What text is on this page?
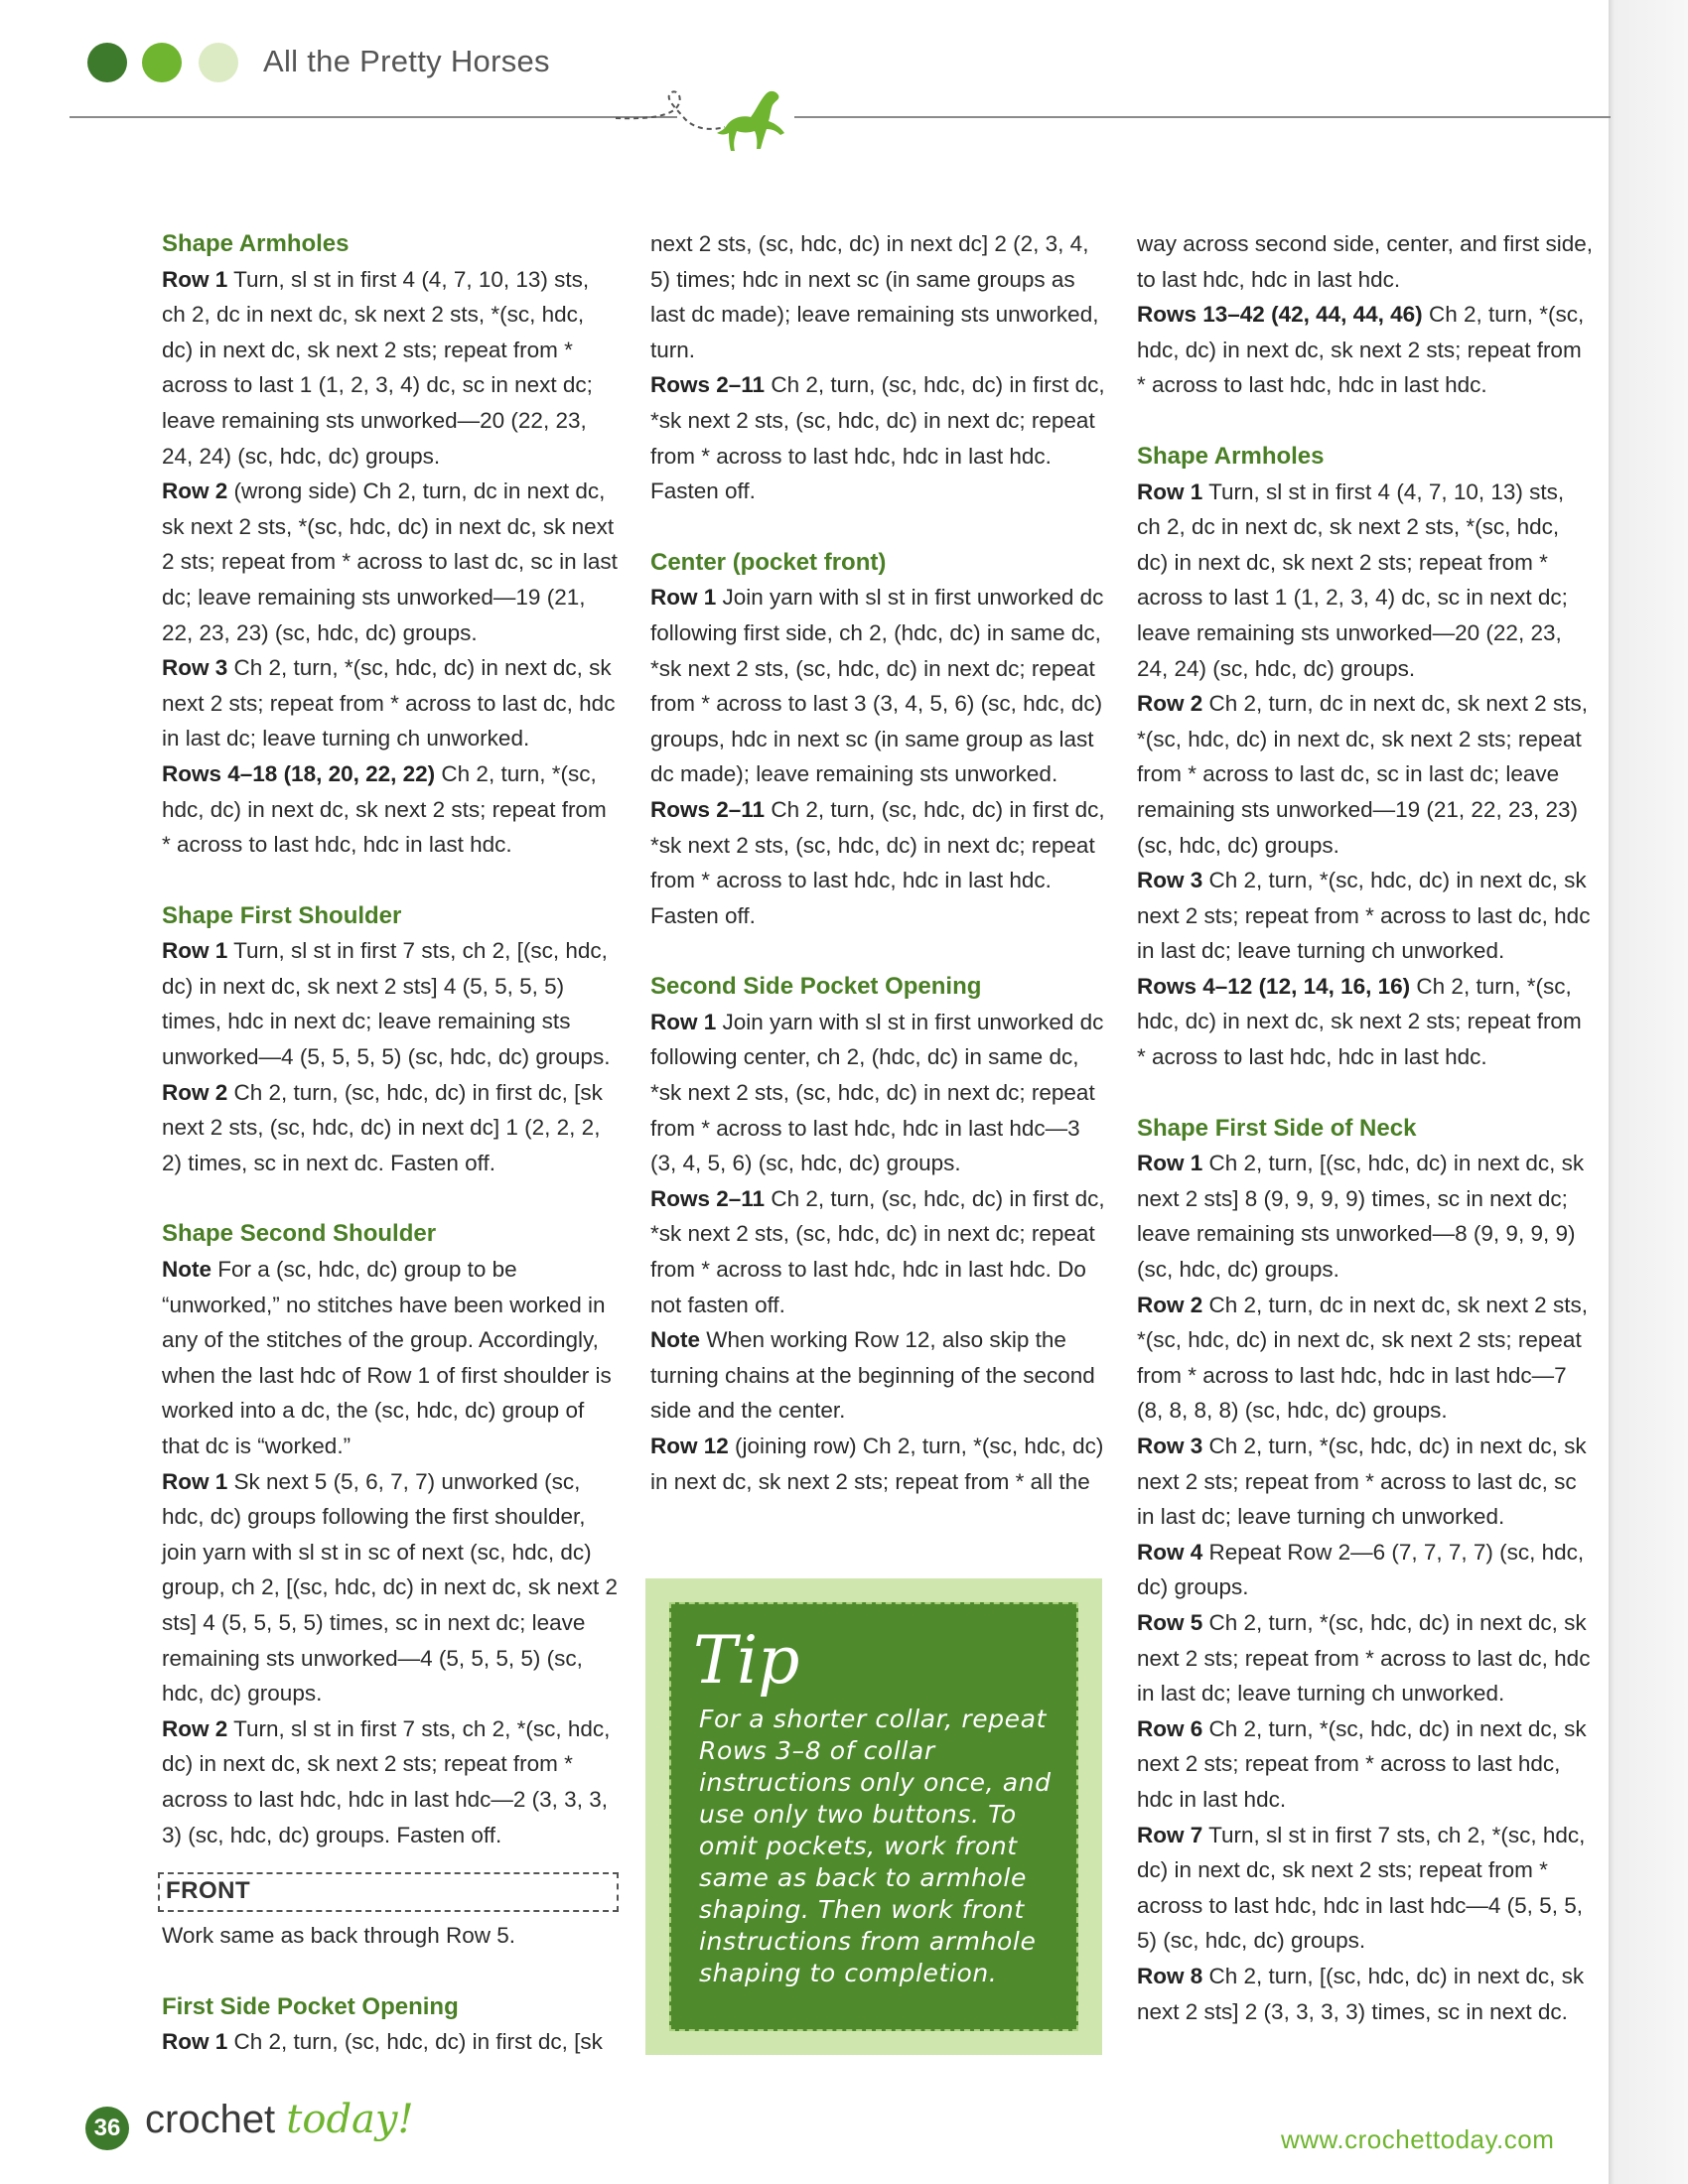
All the Pretty Horses
Shape Armholes

Row 1 Turn, sl st in first 4 (4, 7, 10, 13) sts, ch 2, dc in next dc, sk next 2 sts, *(sc, hdc, dc) in next dc, sk next 2 sts; repeat from * across to last 1 (1, 2, 3, 4) dc, sc in next dc; leave remaining sts unworked—20 (22, 23, 24, 24) (sc, hdc, dc) groups.

Row 2 (wrong side) Ch 2, turn, dc in next dc, sk next 2 sts, *(sc, hdc, dc) in next dc, sk next 2 sts; repeat from * across to last dc, sc in last dc; leave remaining sts unworked—19 (21, 22, 23, 23) (sc, hdc, dc) groups.

Row 3 Ch 2, turn, *(sc, hdc, dc) in next dc, sk next 2 sts; repeat from * across to last dc, hdc in last dc; leave turning ch unworked.

Rows 4–18 (18, 20, 22, 22) Ch 2, turn, *(sc, hdc, dc) in next dc, sk next 2 sts; repeat from * across to last hdc, hdc in last hdc.

Shape First Shoulder

Row 1 Turn, sl st in first 7 sts, ch 2, [(sc, hdc, dc) in next dc, sk next 2 sts] 4 (5, 5, 5, 5) times, hdc in next dc; leave remaining sts unworked—4 (5, 5, 5, 5) (sc, hdc, dc) groups.

Row 2 Ch 2, turn, (sc, hdc, dc) in first dc, [sk next 2 sts, (sc, hdc, dc) in next dc] 1 (2, 2, 2, 2) times, sc in next dc. Fasten off.

Shape Second Shoulder

Note For a (sc, hdc, dc) group to be “unworked,” no stitches have been worked in any of the stitches of the group. Accordingly, when the last hdc of Row 1 of first shoulder is worked into a dc, the (sc, hdc, dc) group of that dc is “worked.”

Row 1 Sk next 5 (5, 6, 7, 7) unworked (sc, hdc, dc) groups following the first shoulder, join yarn with sl st in sc of next (sc, hdc, dc) group, ch 2, [(sc, hdc, dc) in next dc, sk next 2 sts] 4 (5, 5, 5, 5) times, sc in next dc; leave remaining sts unworked—4 (5, 5, 5, 5) (sc, hdc, dc) groups.

Row 2 Turn, sl st in first 7 sts, ch 2, *(sc, hdc, dc) in next dc, sk next 2 sts; repeat from * across to last hdc, hdc in last hdc—2 (3, 3, 3, 3) (sc, hdc, dc) groups. Fasten off.

FRONT

Work same as back through Row 5.

First Side Pocket Opening

Row 1 Ch 2, turn, (sc, hdc, dc) in first dc, [sk

next 2 sts, (sc, hdc, dc) in next dc] 2 (2, 3, 4, 5) times; hdc in next sc (in same groups as last dc made); leave remaining sts unworked, turn.

Rows 2–11 Ch 2, turn, (sc, hdc, dc) in first dc, *sk next 2 sts, (sc, hdc, dc) in next dc; repeat from * across to last hdc, hdc in last hdc. Fasten off.

Center (pocket front)

Row 1 Join yarn with sl st in first unworked dc following first side, ch 2, (hdc, dc) in same dc, *sk next 2 sts, (sc, hdc, dc) in next dc; repeat from * across to last 3 (3, 4, 5, 6) (sc, hdc, dc) groups, hdc in next sc (in same group as last dc made); leave remaining sts unworked.

Rows 2–11 Ch 2, turn, (sc, hdc, dc) in first dc, *sk next 2 sts, (sc, hdc, dc) in next dc; repeat from * across to last hdc, hdc in last hdc. Fasten off.

Second Side Pocket Opening

Row 1 Join yarn with sl st in first unworked dc following center, ch 2, (hdc, dc) in same dc, *sk next 2 sts, (sc, hdc, dc) in next dc; repeat from * across to last hdc, hdc in last hdc—3 (3, 4, 5, 6) (sc, hdc, dc) groups.

Rows 2–11 Ch 2, turn, (sc, hdc, dc) in first dc, *sk next 2 sts, (sc, hdc, dc) in next dc; repeat from * across to last hdc, hdc in last hdc. Do not fasten off.

Note When working Row 12, also skip the turning chains at the beginning of the second side and the center.

Row 12 (joining row) Ch 2, turn, *(sc, hdc, dc) in next dc, sk next 2 sts; repeat from * all the

Tip
For a shorter collar, repeat Rows 3–8 of collar instructions only once, and use only two buttons. To omit pockets, work front same as back to armhole shaping. Then work front instructions from armhole shaping to completion.

way across second side, center, and first side, to last hdc, hdc in last hdc.

Rows 13–42 (42, 44, 44, 46) Ch 2, turn, *(sc, hdc, dc) in next dc, sk next 2 sts; repeat from * across to last hdc, hdc in last hdc.

Shape Armholes

Row 1 Turn, sl st in first 4 (4, 7, 10, 13) sts, ch 2, dc in next dc, sk next 2 sts, *(sc, hdc, dc) in next dc, sk next 2 sts; repeat from * across to last 1 (1, 2, 3, 4) dc, sc in next dc; leave remaining sts unworked—20 (22, 23, 24, 24) (sc, hdc, dc) groups.

Row 2 Ch 2, turn, dc in next dc, sk next 2 sts, *(sc, hdc, dc) in next dc, sk next 2 sts; repeat from * across to last dc, sc in last dc; leave remaining sts unworked—19 (21, 22, 23, 23) (sc, hdc, dc) groups.

Row 3 Ch 2, turn, *(sc, hdc, dc) in next dc, sk next 2 sts; repeat from * across to last dc, hdc in last dc; leave turning ch unworked.

Rows 4–12 (12, 14, 16, 16) Ch 2, turn, *(sc, hdc, dc) in next dc, sk next 2 sts; repeat from * across to last hdc, hdc in last hdc.

Shape First Side of Neck

Row 1 Ch 2, turn, [(sc, hdc, dc) in next dc, sk next 2 sts] 8 (9, 9, 9, 9) times, sc in next dc; leave remaining sts unworked—8 (9, 9, 9, 9) (sc, hdc, dc) groups.

Row 2 Ch 2, turn, dc in next dc, sk next 2 sts, *(sc, hdc, dc) in next dc, sk next 2 sts; repeat from * across to last hdc, hdc in last hdc—7 (8, 8, 8, 8) (sc, hdc, dc) groups.

Row 3 Ch 2, turn, *(sc, hdc, dc) in next dc, sk next 2 sts; repeat from * across to last dc, sc in last dc; leave turning ch unworked.

Row 4 Repeat Row 2—6 (7, 7, 7, 7) (sc, hdc, dc) groups.

Row 5 Ch 2, turn, *(sc, hdc, dc) in next dc, sk next 2 sts; repeat from * across to last dc, hdc in last dc; leave turning ch unworked.

Row 6 Ch 2, turn, *(sc, hdc, dc) in next dc, sk next 2 sts; repeat from * across to last hdc, hdc in last hdc.

Row 7 Turn, sl st in first 7 sts, ch 2, *(sc, hdc, dc) in next dc, sk next 2 sts; repeat from * across to last hdc, hdc in last hdc—4 (5, 5, 5, 5) (sc, hdc, dc) groups.

Row 8 Ch 2, turn, [(sc, hdc, dc) in next dc, sk next 2 sts] 2 (3, 3, 3, 3) times, sc in next dc.

36 crochet today!	www.crochettoday.com
